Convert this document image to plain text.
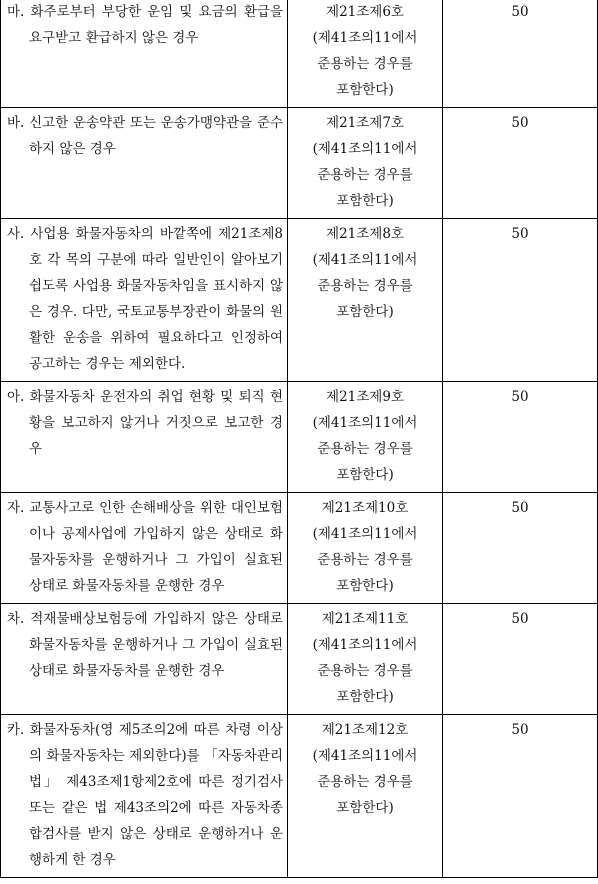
마. 화주로부터 부당한 운임 및 요금의 환급을 요구받고 환급하지 않은 경우	제21조제6호(제41조의11에서 준용하는 경우를 포함한다)	50

바. 신고한 운송약관 또는 운송가맹약관을 준수하지 않은 경우	제21조제7호(제41조의11에서 준용하는 경우를 포함한다)	50

사. 사업용 화물자동차의 바깥쪽에 제21조제8호 각 목의 구분에 따라 일반인이 알아보기 쉽도록 사업용 화물자동차임을 표시하지 않은 경우. 다만, 국토교통부장관이 화물의 원활한 운송을 위하여 필요하다고 인정하여 공고하는 경우는 제외한다.	제21조제8호(제41조의11에서 준용하는 경우를 포함한다)	50

아. 화물자동차 운전자의 취업 현황 및 퇴직 현황을 보고하지 않거나 거짓으로 보고한 경우	제21조제9호(제41조의11에서 준용하는 경우를 포함한다)	50

자. 교통사고로 인한 손해배상을 위한 대인보험이나 공제사업에 가입하지 않은 상태로 화물자동차를 운행하거나 그 가입이 실효된 상태로 화물자동차를 운행한 경우	제21조제10호(제41조의11에서 준용하는 경우를 포함한다)	50

차. 적재물배상보험등에 가입하지 않은 상태로 화물자동차를 운행하거나 그 가입이 실효된 상태로 화물자동차를 운행한 경우	제21조제11호(제41조의11에서 준용하는 경우를 포함한다)	50

카. 화물자동차(영 제5조의2에 따른 차령 이상의 화물자동차는 제외한다)를 「자동차관리법」 제43조제1항제2호에 따른 정기검사 또는 같은 법 제43조의2에 따른 자동차종합검사를 받지 않은 상태로 운행하거나 운행하게 한 경우	제21조제12호(제41조의11에서 준용하는 경우를 포함한다)	50
